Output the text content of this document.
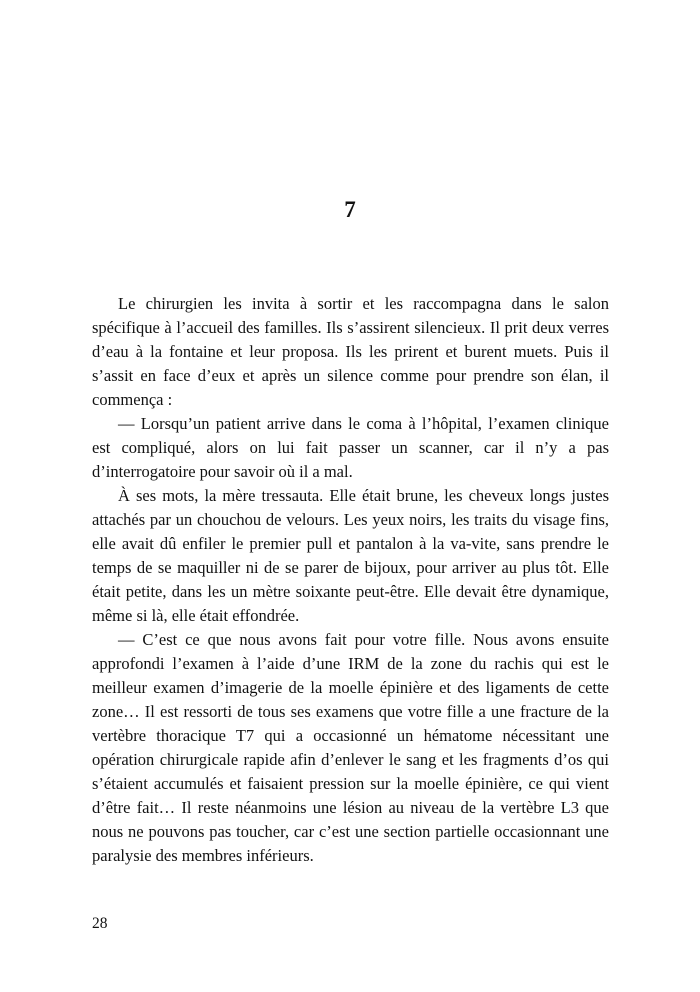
7

Le chirurgien les invita à sortir et les raccompagna dans le salon spécifique à l’accueil des familles. Ils s’assirent silencieux. Il prit deux verres d’eau à la fontaine et leur proposa. Ils les prirent et burent muets. Puis il s’assit en face d’eux et après un silence comme pour prendre son élan, il commença :

— Lorsqu’un patient arrive dans le coma à l’hôpital, l’examen clinique est compliqué, alors on lui fait passer un scanner, car il n’y a pas d’interrogatoire pour savoir où il a mal.

À ses mots, la mère tressauta. Elle était brune, les cheveux longs justes attachés par un chouchou de velours. Les yeux noirs, les traits du visage fins, elle avait dû enfiler le premier pull et pantalon à la va-vite, sans prendre le temps de se maquiller ni de se parer de bijoux, pour arriver au plus tôt. Elle était petite, dans les un mètre soixante peut-être. Elle devait être dynamique, même si là, elle était effondrée.

— C’est ce que nous avons fait pour votre fille. Nous avons ensuite approfondi l’examen à l’aide d’une IRM de la zone du rachis qui est le meilleur examen d’imagerie de la moelle épinière et des ligaments de cette zone… Il est ressorti de tous ses examens que votre fille a une fracture de la vertèbre thoracique T7 qui a occasionné un hématome nécessitant une opération chirurgicale rapide afin d’enlever le sang et les fragments d’os qui s’étaient accumulés et faisaient pression sur la moelle épinière, ce qui vient d’être fait… Il reste néanmoins une lésion au niveau de la vertèbre L3 que nous ne pouvons pas toucher, car c’est une section partielle occasionnant une paralysie des membres inférieurs.

28
